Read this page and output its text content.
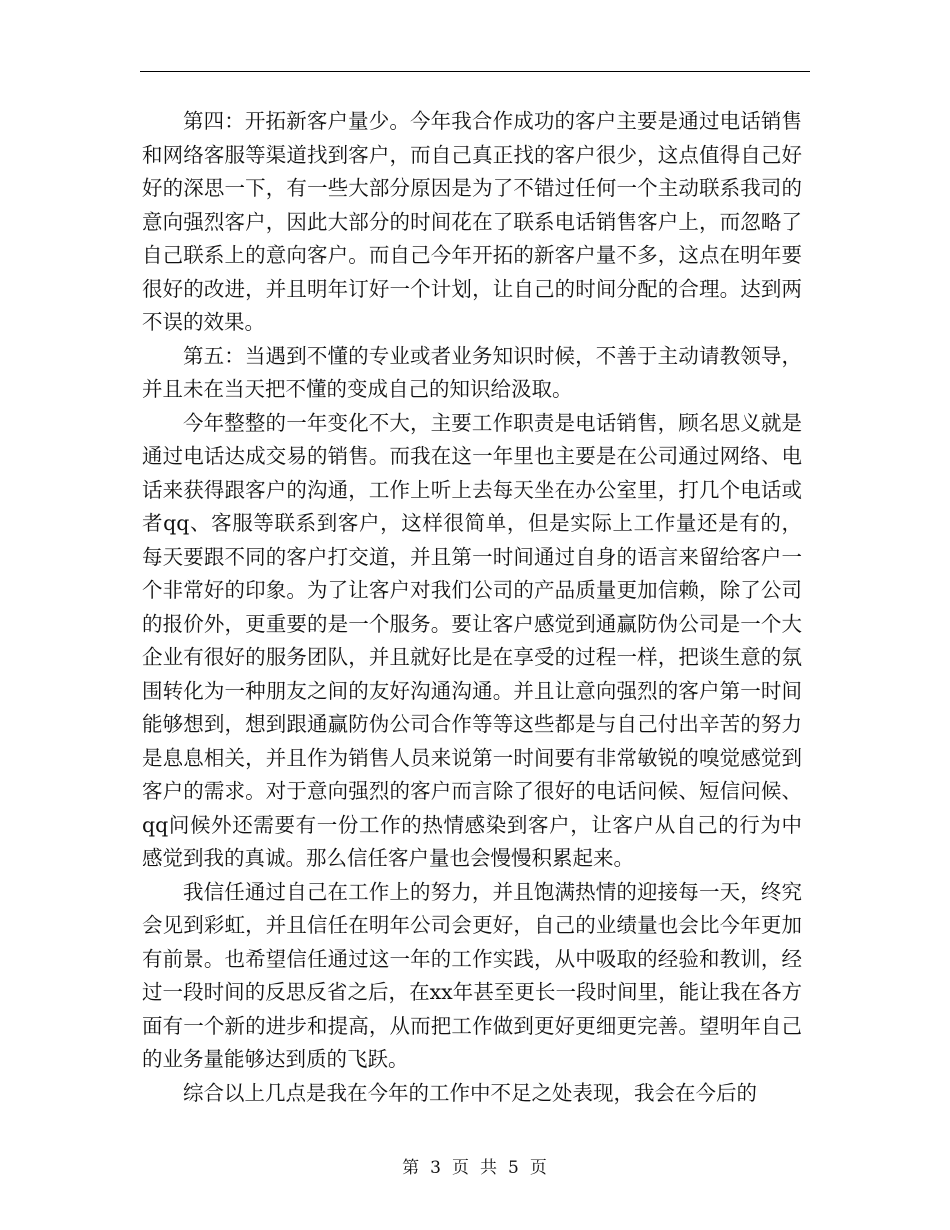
第四：开拓新客户量少。今年我合作成功的客户主要是通过电话销售和网络客服等渠道找到客户，而自己真正找的客户很少，这点值得自己好好的深思一下，有一些大部分原因是为了不错过任何一个主动联系我司的意向强烈客户，因此大部分的时间花在了联系电话销售客户上，而忽略了自己联系上的意向客户。而自己今年开拓的新客户量不多，这点在明年要很好的改进，并且明年订好一个计划，让自己的时间分配的合理。达到两不误的效果。

第五：当遇到不懂的专业或者业务知识时候，不善于主动请教领导，并且未在当天把不懂的变成自己的知识给汲取。

今年整整的一年变化不大，主要工作职责是电话销售，顾名思义就是通过电话达成交易的销售。而我在这一年里也主要是在公司通过网络、电话来获得跟客户的沟通，工作上听上去每天坐在办公室里，打几个电话或者qq、客服等联系到客户，这样很简单，但是实际上工作量还是有的，每天要跟不同的客户打交道，并且第一时间通过自身的语言来留给客户一个非常好的印象。为了让客户对我们公司的产品质量更加信赖，除了公司的报价外，更重要的是一个服务。要让客户感觉到通赢防伪公司是一个大企业有很好的服务团队，并且就好比是在享受的过程一样，把谈生意的氛围转化为一种朋友之间的友好沟通沟通。并且让意向强烈的客户第一时间能够想到，想到跟通赢防伪公司合作等等这些都是与自己付出辛苦的努力是息息相关，并且作为销售人员来说第一时间要有非常敏锐的嗅觉感觉到客户的需求。对于意向强烈的客户而言除了很好的电话问候、短信问候、qq问候外还需要有一份工作的热情感染到客户，让客户从自己的行为中感觉到我的真诚。那么信任客户量也会慢慢积累起来。

我信任通过自己在工作上的努力，并且饱满热情的迎接每一天，终究会见到彩虹，并且信任在明年公司会更好，自己的业绩量也会比今年更加有前景。也希望信任通过这一年的工作实践，从中吸取的经验和教训，经过一段时间的反思反省之后，在xx年甚至更长一段时间里，能让我在各方面有一个新的进步和提高，从而把工作做到更好更细更完善。望明年自己的业务量能够达到质的飞跃。

综合以上几点是我在今年的工作中不足之处表现，我会在今后的

第 3 页 共 5 页
